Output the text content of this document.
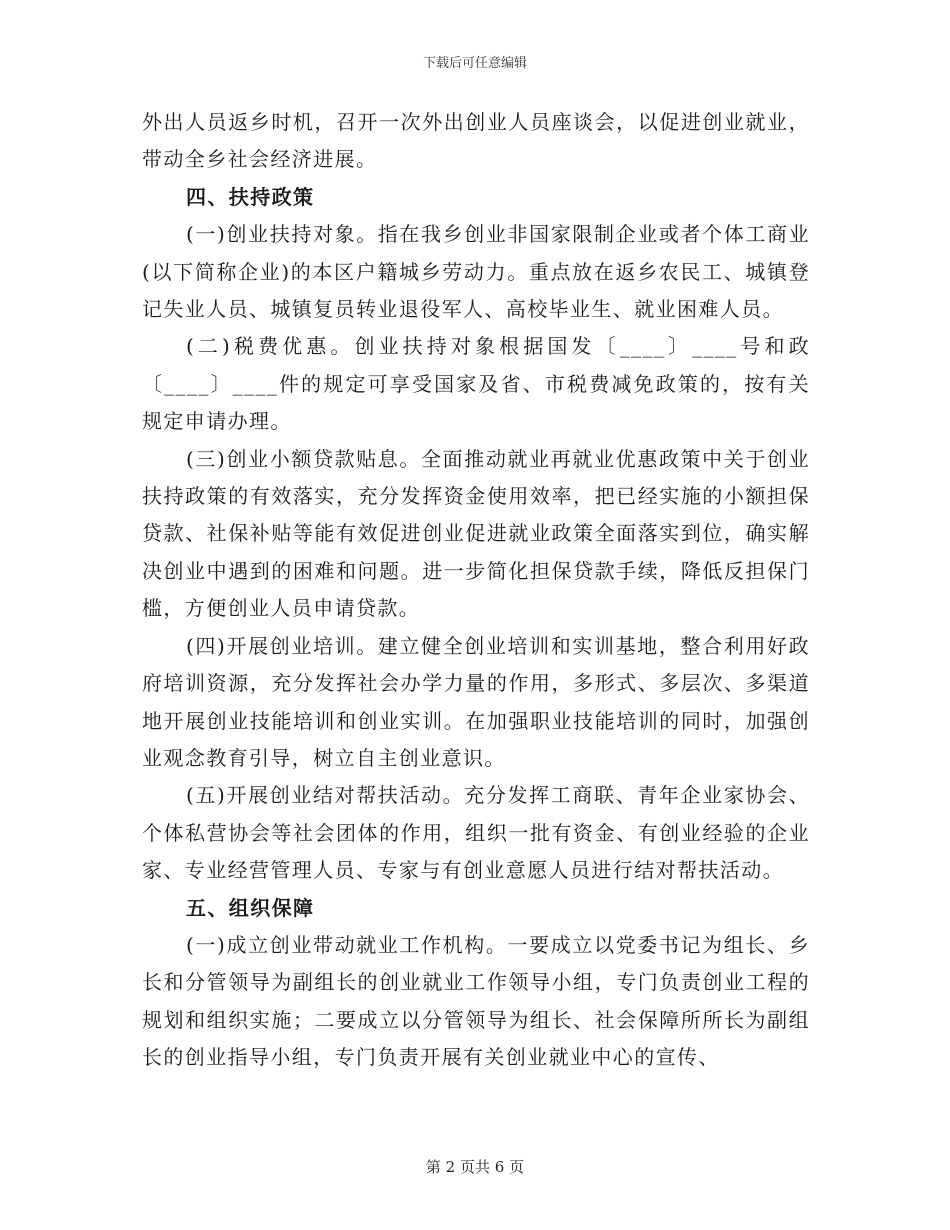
下载后可任意编辑

外出人员返乡时机，召开一次外出创业人员座谈会，以促进创业就业，带动全乡社会经济进展。

四、扶持政策

(一)创业扶持对象。指在我乡创业非国家限制企业或者个体工商业(以下简称企业)的本区户籍城乡劳动力。重点放在返乡农民工、城镇登记失业人员、城镇复员转业退役军人、高校毕业生、就业困难人员。

(二)税费优惠。创业扶持对象根据国发〔____〕____号和政〔____〕____件的规定可享受国家及省、市税费减免政策的，按有关规定申请办理。

(三)创业小额贷款贴息。全面推动就业再就业优惠政策中关于创业扶持政策的有效落实，充分发挥资金使用效率，把已经实施的小额担保贷款、社保补贴等能有效促进创业促进就业政策全面落实到位，确实解决创业中遇到的困难和问题。进一步简化担保贷款手续，降低反担保门槛，方便创业人员申请贷款。

(四)开展创业培训。建立健全创业培训和实训基地，整合利用好政府培训资源，充分发挥社会办学力量的作用，多形式、多层次、多渠道地开展创业技能培训和创业实训。在加强职业技能培训的同时，加强创业观念教育引导，树立自主创业意识。

(五)开展创业结对帮扶活动。充分发挥工商联、青年企业家协会、个体私营协会等社会团体的作用，组织一批有资金、有创业经验的企业家、专业经营管理人员、专家与有创业意愿人员进行结对帮扶活动。

五、组织保障

(一)成立创业带动就业工作机构。一要成立以党委书记为组长、乡长和分管领导为副组长的创业就业工作领导小组，专门负责创业工程的规划和组织实施；二要成立以分管领导为组长、社会保障所所长为副组长的创业指导小组，专门负责开展有关创业就业中心的宣传、

第 2 页共 6 页
